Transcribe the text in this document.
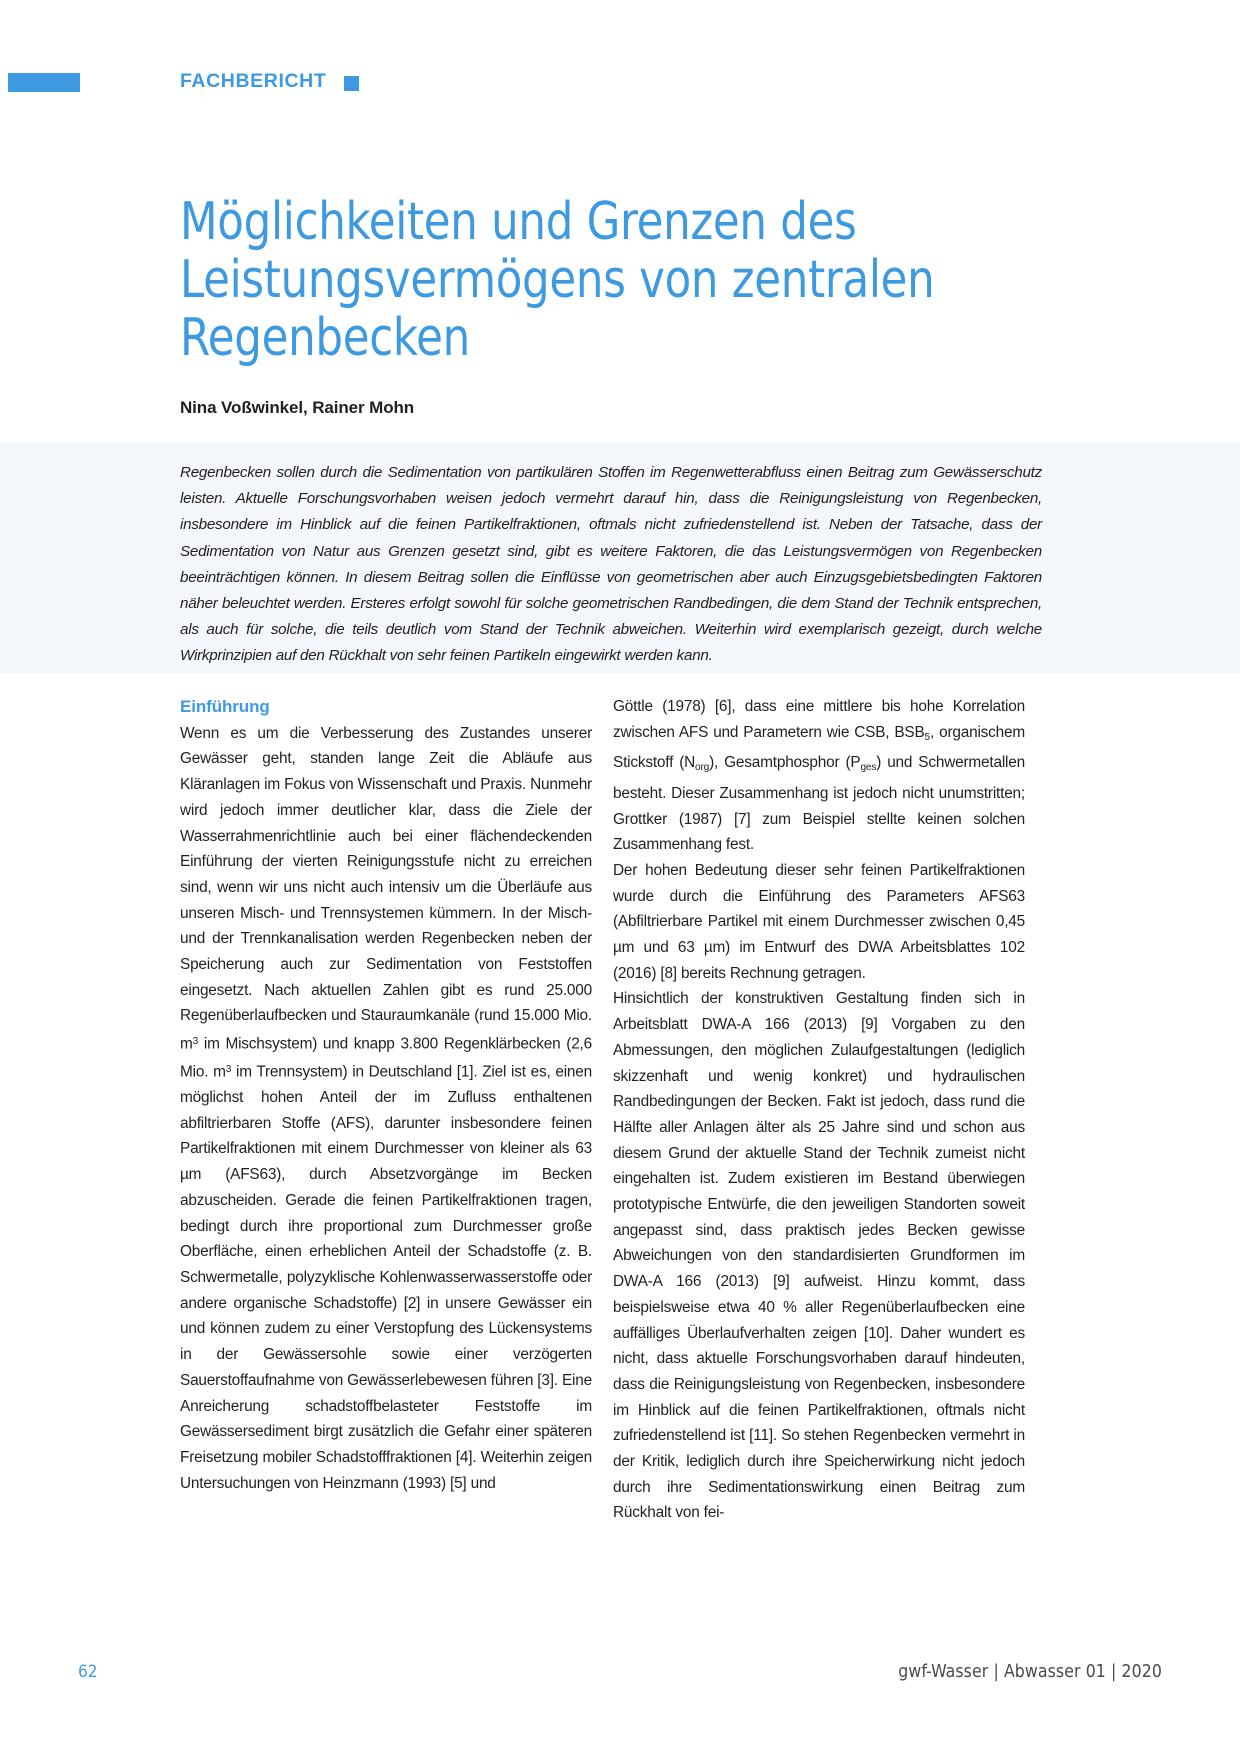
FACHBERICHT
Möglichkeiten und Grenzen des Leistungsvermögens von zentralen Regenbecken
Nina Voßwinkel, Rainer Mohn
Regenbecken sollen durch die Sedimentation von partikulären Stoffen im Regenwetterabfluss einen Beitrag zum Gewässerschutz leisten. Aktuelle Forschungsvorhaben weisen jedoch vermehrt darauf hin, dass die Reinigungsleistung von Regenbecken, insbesondere im Hinblick auf die feinen Partikelfraktionen, oftmals nicht zufriedenstellend ist. Neben der Tatsache, dass der Sedimentation von Natur aus Grenzen gesetzt sind, gibt es weitere Faktoren, die das Leistungsvermögen von Regenbecken beeinträchtigen können. In diesem Beitrag sollen die Einflüsse von geometrischen aber auch Einzugsgebietsbedingten Faktoren näher beleuchtet werden. Ersteres erfolgt sowohl für solche geometrischen Randbedingen, die dem Stand der Technik entsprechen, als auch für solche, die teils deutlich vom Stand der Technik abweichen. Weiterhin wird exemplarisch gezeigt, durch welche Wirkprinzipien auf den Rückhalt von sehr feinen Partikeln eingewirkt werden kann.
Einführung

Wenn es um die Verbesserung des Zustandes unserer Gewässer geht, standen lange Zeit die Abläufe aus Kläranlagen im Fokus von Wissenschaft und Praxis. Nunmehr wird jedoch immer deutlicher klar, dass die Ziele der Wasserrahmenrichtlinie auch bei einer flächendeckenden Einführung der vierten Reinigungsstufe nicht zu erreichen sind, wenn wir uns nicht auch intensiv um die Überläufe aus unseren Misch- und Trennsystemen kümmern. In der Misch- und der Trennkanalisation werden Regenbecken neben der Speicherung auch zur Sedimentation von Feststoffen eingesetzt. Nach aktuellen Zahlen gibt es rund 25.000 Regenüberlaufbecken und Stauraumkanäle (rund 15.000 Mio. $m^3$ im Mischsystem) und knapp 3.800 Regenklärbecken (2,6 Mio. $m^3$ im Trennsystem) in Deutschland [1]. Ziel ist es, einen möglichst hohen Anteil der im Zufluss enthaltenen abfiltrierbaren Stoffe (AFS), darunter insbesondere feinen Partikelfraktionen mit einem Durchmesser von kleiner als 63 µm (AFS63), durch Absetzvorgänge im Becken abzuscheiden. Gerade die feinen Partikelfraktionen tragen, bedingt durch ihre proportional zum Durchmesser große Oberfläche, einen erheblichen Anteil der Schadstoffe (z. B. Schwermetalle, polyzyklische Kohlenwasserwasserstoffe oder andere organische Schadstoffe) [2] in unsere Gewässer ein und können zudem zu einer Verstopfung des Lückensystems in der Gewässersohle sowie einer verzögerten Sauerstoffaufnahme von Gewässerlebewesen führen [3]. Eine Anreicherung schadstoffbelasteter Feststoffe im Gewässersediment birgt zusätzlich die Gefahr einer späteren Freisetzung mobiler Schadstofffraktionen [4]. Weiterhin zeigen Untersuchungen von Heinzmann (1993) [5] und

Göttle (1978) [6], dass eine mittlere bis hohe Korrelation zwischen AFS und Parametern wie CSB, $BSB_5$, organischem Stickstoff $(N_{org})$, Gesamtphosphor $(P_{ges})$ und Schwermetallen besteht. Dieser Zusammenhang ist jedoch nicht unumstritten; Grottker (1987) [7] zum Beispiel stellte keinen solchen Zusammenhang fest.

Der hohen Bedeutung dieser sehr feinen Partikelfraktionen wurde durch die Einführung des Parameters AFS63 (Abfiltrierbare Partikel mit einem Durchmesser zwischen 0,45 µm und 63 µm) im Entwurf des DWA Arbeitsblattes 102 (2016) [8] bereits Rechnung getragen.

Hinsichtlich der konstruktiven Gestaltung finden sich in Arbeitsblatt DWA-A 166 (2013) [9] Vorgaben zu den Abmessungen, den möglichen Zulaufgestaltungen (lediglich skizzenhaft und wenig konkret) und hydraulischen Randbedingungen der Becken. Fakt ist jedoch, dass rund die Hälfte aller Anlagen älter als 25 Jahre sind und schon aus diesem Grund der aktuelle Stand der Technik zumeist nicht eingehalten ist. Zudem existieren im Bestand überwiegen prototypische Entwürfe, die den jeweiligen Standorten soweit angepasst sind, dass praktisch jedes Becken gewisse Abweichungen von den standardisierten Grundformen im DWA-A 166 (2013) [9] aufweist. Hinzu kommt, dass beispielsweise etwa 40 % aller Regenüberlaufbecken eine auffälliges Überlaufverhalten zeigen [10]. Daher wundert es nicht, dass aktuelle Forschungsvorhaben darauf hindeuten, dass die Reinigungsleistung von Regenbecken, insbesondere im Hinblick auf die feinen Partikelfraktionen, oftmals nicht zufriedenstellend ist [11]. So stehen Regenbecken vermehrt in der Kritik, lediglich durch ihre Speicherwirkung nicht jedoch durch ihre Sedimentationswirkung einen Beitrag zum Rückhalt von fei-

62	gwf-Wasser | Abwasser 01 | 2020
